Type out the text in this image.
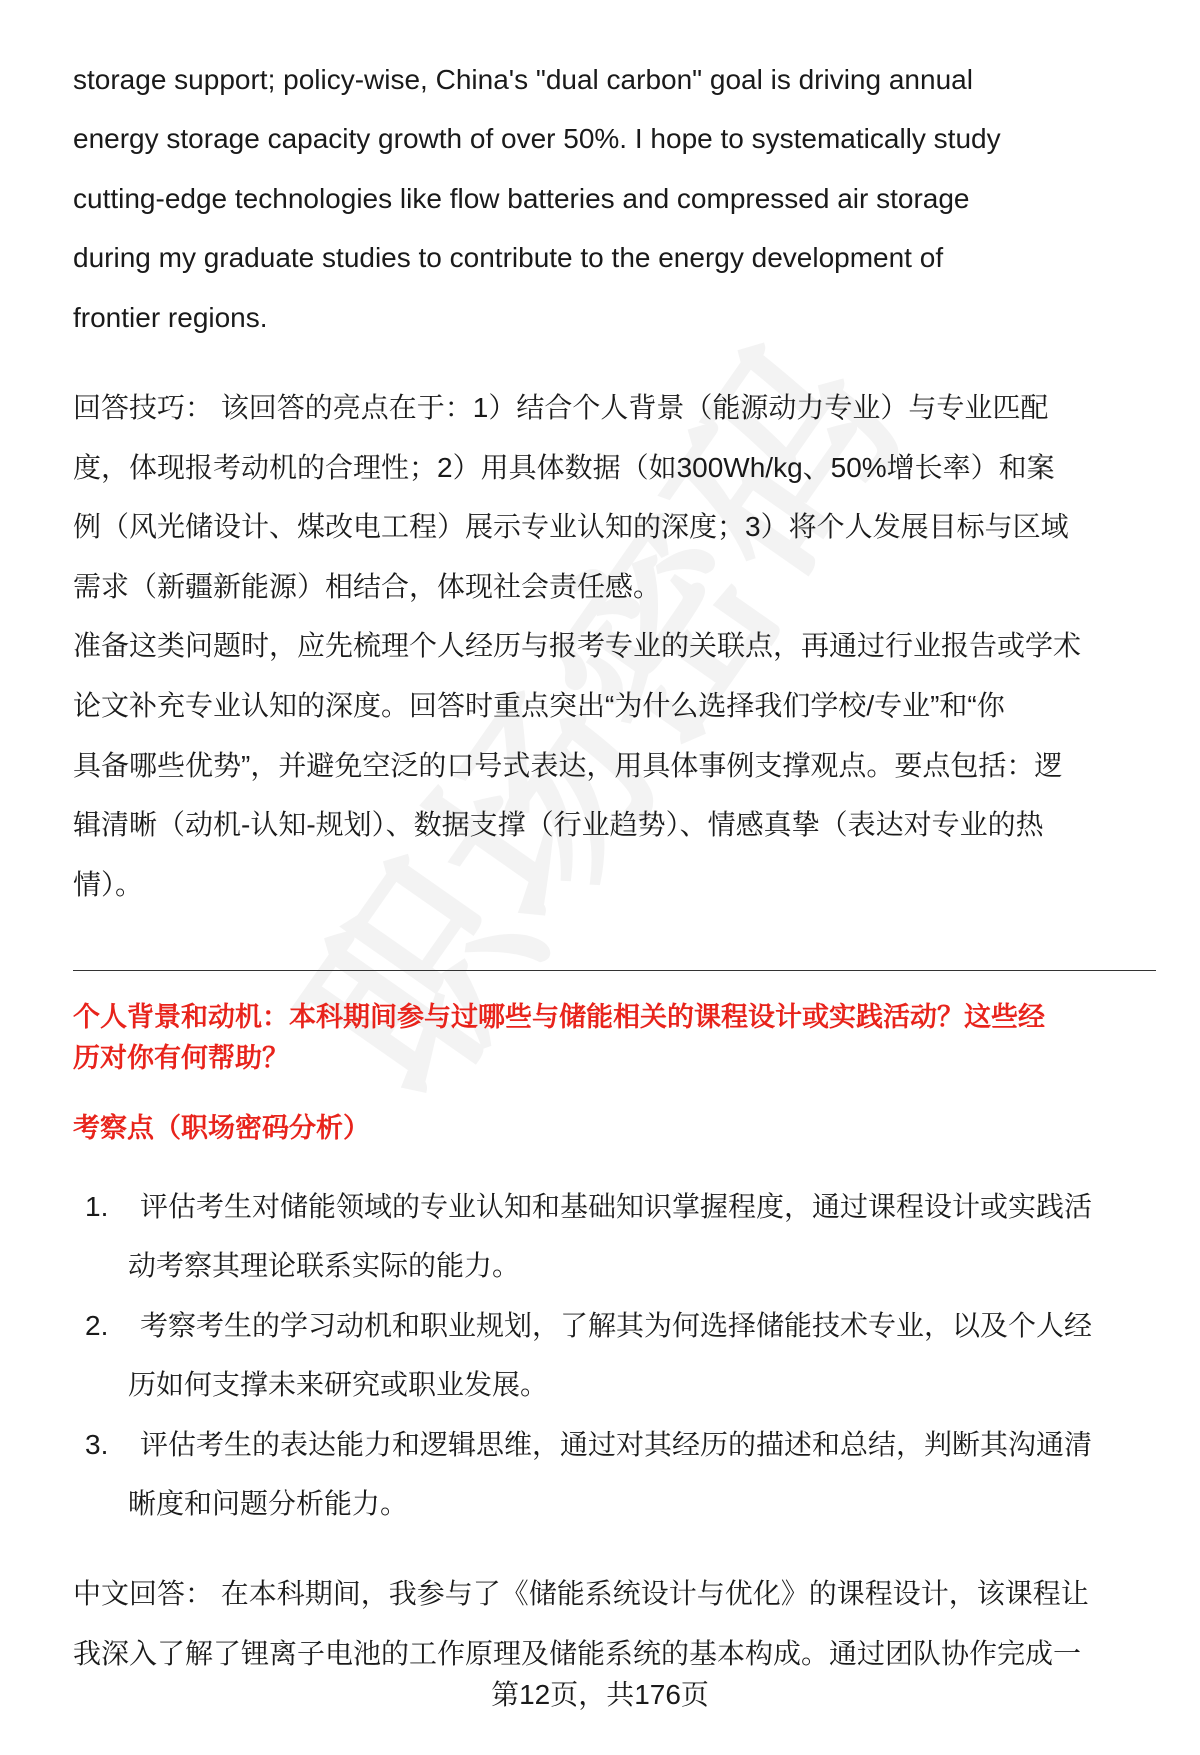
storage support; policy-wise, China's "dual carbon" goal is driving annual
energy storage capacity growth of over 50%. I hope to systematically study
cutting-edge technologies like flow batteries and compressed air storage
during my graduate studies to contribute to the energy development of
frontier regions.
回答技巧： 该回答的亮点在于：1）结合个人背景（能源动力专业）与专业匹配
度，体现报考动机的合理性；2）用具体数据（如300Wh/kg、50%增长率）和案
例（风光储设计、煤改电工程）展示专业认知的深度；3）将个人发展目标与区域
需求（新疆新能源）相结合，体现社会责任感。
准备这类问题时，应先梳理个人经历与报考专业的关联点，再通过行业报告或学术
论文补充专业认知的深度。回答时重点突出“为什么选择我们学校/专业”和“你
具备哪些优势”，并避免空泛的口号式表达，用具体事例支撑观点。要点包括：逻
辑清晰（动机-认知-规划）、数据支撑（行业趋势）、情感真挚（表达对专业的热
情）。
个人背景和动机：本科期间参与过哪些与储能相关的课程设计或实践活动？这些经
历对你有何帮助？
考察点（职场密码分析）
1. 评估考生对储能领域的专业认知和基础知识掌握程度，通过课程设计或实践活
动考察其理论联系实际的能力。
2. 考察考生的学习动机和职业规划，了解其为何选择储能技术专业，以及个人经
历如何支撑未来研究或职业发展。
3. 评估考生的表达能力和逻辑思维，通过对其经历的描述和总结，判断其沟通清
晰度和问题分析能力。
中文回答： 在本科期间，我参与了《储能系统设计与优化》的课程设计，该课程让
我深入了解了锂离子电池的工作原理及储能系统的基本构成。通过团队协作完成一
第12页，共176页
